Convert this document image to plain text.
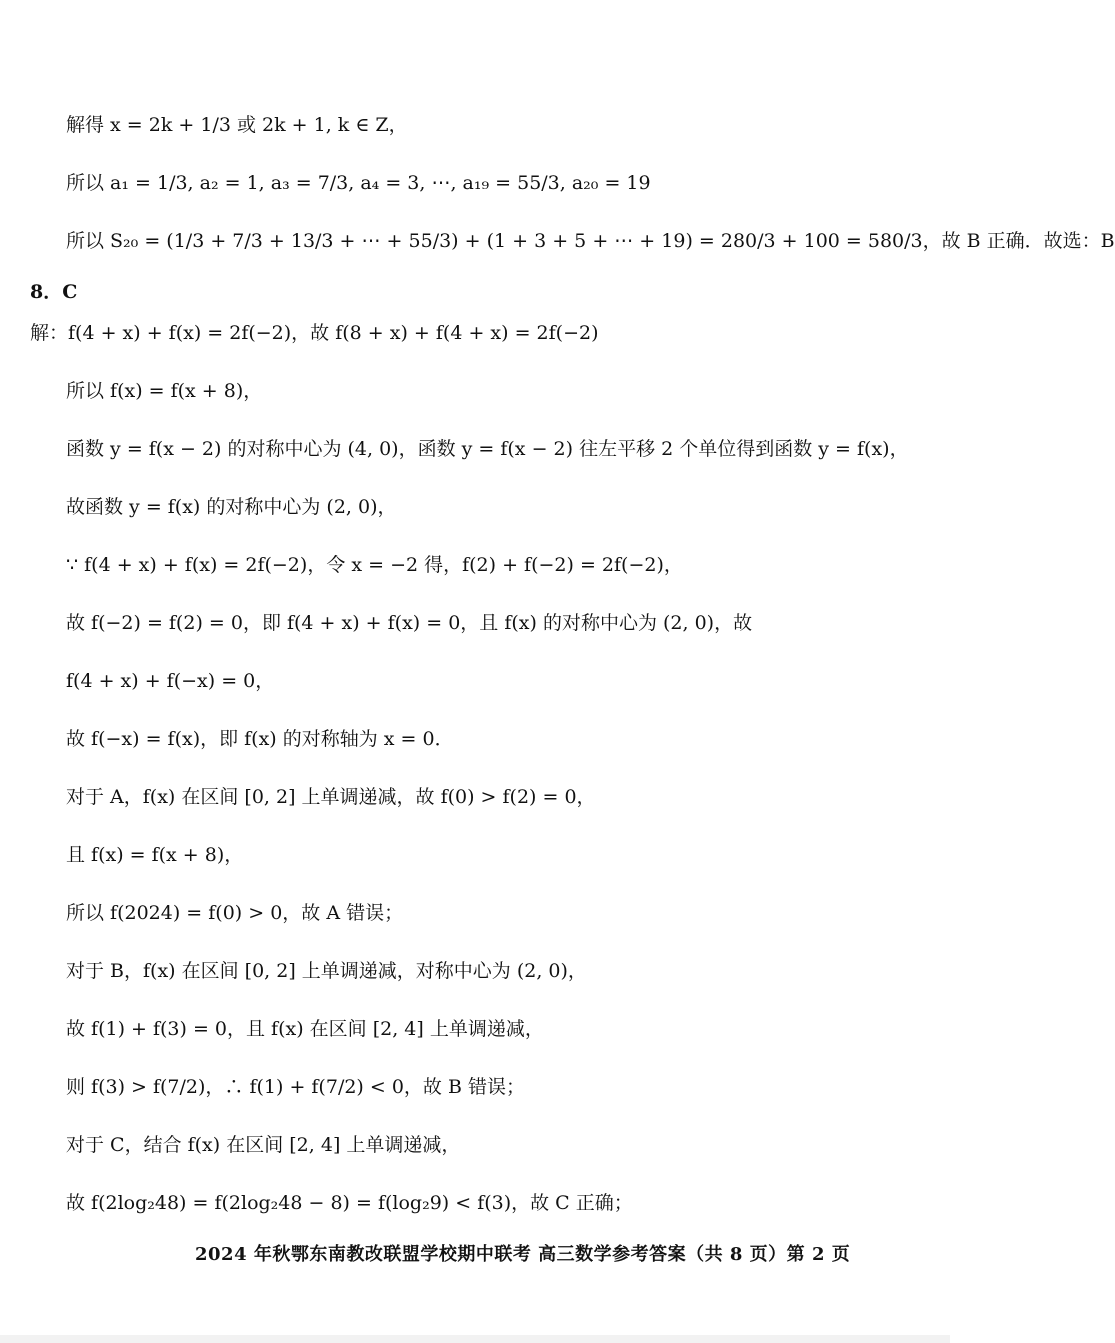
解得 x = 2k + 1/3 或 2k + 1, k ∈ Z，
所以 a₁ = 1/3, a₂ = 1, a₃ = 7/3, a₄ = 3, ⋯, a₁₉ = 55/3, a₂₀ = 19
所以 S₂₀ = (1/3 + 7/3 + 13/3 + ⋯ + 55/3) + (1 + 3 + 5 + ⋯ + 19) = 280/3 + 100 = 580/3，故 B 正确．故选：B
8．C
解：f(4 + x) + f(x) = 2f(−2)，故 f(8 + x) + f(4 + x) = 2f(−2)
所以 f(x) = f(x + 8)，
函数 y = f(x − 2) 的对称中心为 (4, 0)，函数 y = f(x − 2) 往左平移 2 个单位得到函数 y = f(x)，
故函数 y = f(x) 的对称中心为 (2, 0)，
∵ f(4 + x) + f(x) = 2f(−2)，令 x = −2 得，f(2) + f(−2) = 2f(−2)，
故 f(−2) = f(2) = 0，即 f(4 + x) + f(x) = 0，且 f(x) 的对称中心为 (2, 0)，故
f(4 + x) + f(−x) = 0，
故 f(−x) = f(x)，即 f(x) 的对称轴为 x = 0．
对于 A，f(x) 在区间 [0, 2] 上单调递减，故 f(0) > f(2) = 0，
且 f(x) = f(x + 8)，
所以 f(2024) = f(0) > 0，故 A 错误；
对于 B，f(x) 在区间 [0, 2] 上单调递减，对称中心为 (2, 0)，
故 f(1) + f(3) = 0，且 f(x) 在区间 [2, 4] 上单调递减，
则 f(3) > f(7/2)，∴ f(1) + f(7/2) < 0，故 B 错误；
对于 C，结合 f(x) 在区间 [2, 4] 上单调递减，
故 f(2log₂48) = f(2log₂48 − 8) = f(log₂9) < f(3)，故 C 正确；
2024 年秋鄂东南教改联盟学校期中联考 高三数学参考答案（共 8 页）第 2 页
